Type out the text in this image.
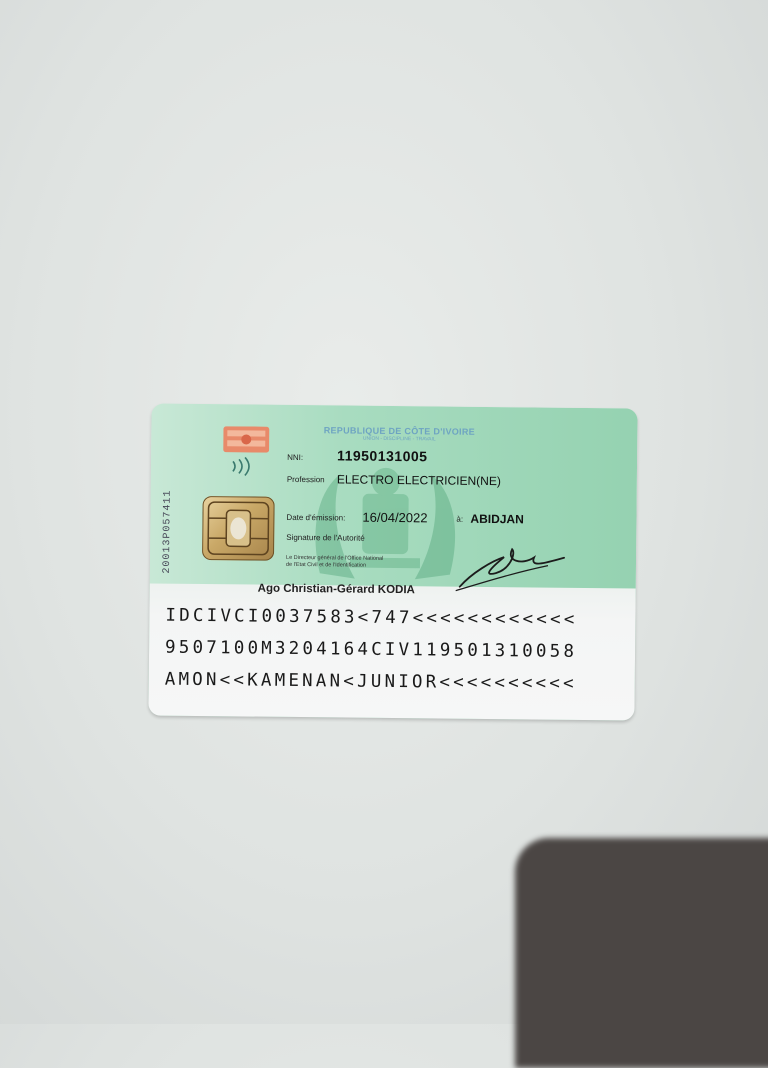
20013P057411
REPUBLIQUE DE CÔTE D'IVOIRE
UNION - DISCIPLINE - TRAVAIL
NNI: 11950131005
Profession ELECTRO ELECTRICIEN(NE)
Date d'émission: 16/04/2022	à: ABIDJAN
Signature de l'Autorité
Le Directeur général de l'Office National
de l'Etat Civil et de l'Identification
Ago Christian-Gérard KODIA
IDCIVCI0037583<747<<<<<<<<<<<<
9507100M3204164CIV119501310058
AMON<<KAMENAN<JUNIOR<<<<<<<<<<
